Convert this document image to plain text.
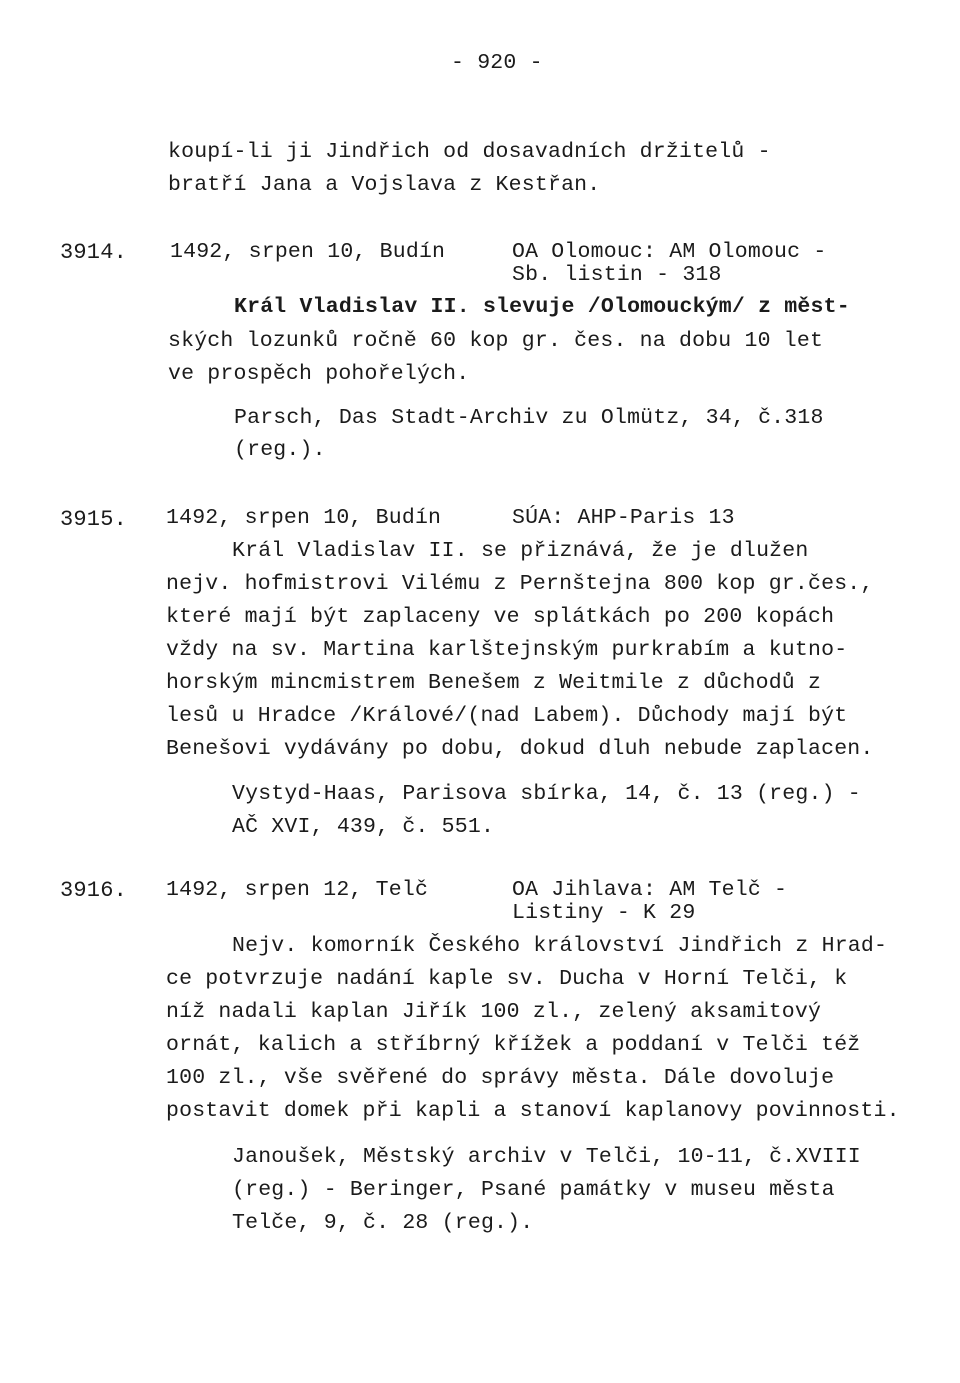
- 920 -
koupí-li ji Jindřich od dosavadních držitelů -
bratří Jana a Vojslava z Kestřan.
3914. 1492, srpen 10, Budín	OA Olomouc: AM Olomouc -
Sb. listin - 318
Král Vladislav II. slevuje /Olomouckým/ z měst-
ských lozunků ročně 60 kop gr. čes. na dobu 10 let
ve prospěch pohořelých.
Parsch, Das Stadt-Archiv zu Olmütz, 34, č.318
(reg.).
3915. 1492, srpen 10, Budín	SÚA: AHP-Paris 13
Král Vladislav II. se přiznává, že je dlužen
nejv. hofmistrovi Vilému z Pernštejna 800 kop gr.čes.,
které mají být zaplaceny ve splátkách po 200 kopách
vždy na sv. Martina karlštejnským purkrabím a kutno-
horským mincmistrem Benešem z Weitmile z důchodů z
lesů u Hradce /Králové/(nad Labem). Důchody mají být
Benešovi vydávány po dobu, dokud dluh nebude zaplacen.
Vystyd-Haas, Parisova sbírka, 14, č. 13 (reg.) -
AČ XVI, 439, č. 551.
3916. 1492, srpen 12, Telč	OA Jihlava: AM Telč -
Listiny - K 29
Nejv. komorník Českého království Jindřich z Hrad-
ce potvrzuje nadání kaple sv. Ducha v Horní Telči, k
níž nadali kaplan Jiřík 100 zl., zelený aksamitový
ornát, kalich a stříbrný křížek a poddaní v Telči též
100 zl., vše svěřené do správy města. Dále dovoluje
postavit domek při kapli a stanoví kaplanovy povinnosti.
Janoušek, Městský archiv v Telči, 10-11, č.XVIII
(reg.) - Beringer, Psané památky v museu města
Telče, 9, č. 28 (reg.).
